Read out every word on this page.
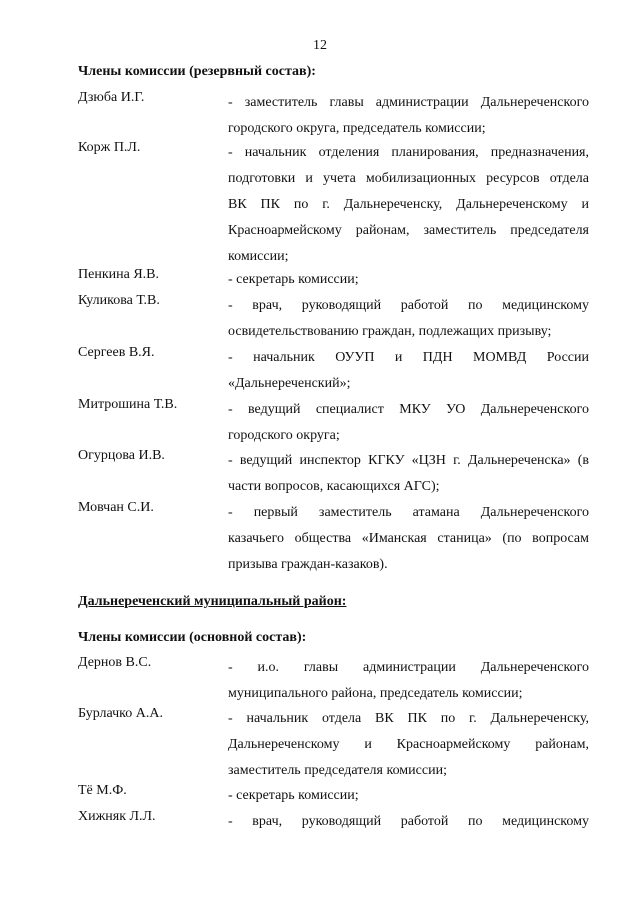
12
Члены комиссии (резервный состав):
Дзюба И.Г.	- заместитель главы администрации Дальнереченского
городского округа, председатель комиссии;
Корж П.Л.	- начальник отделения планирования, предназначения,
подготовки и учета мобилизационных ресурсов отдела
ВК ПК по г. Дальнереченску, Дальнереченскому и
Красноармейскому районам, заместитель председателя
комиссии;
Пенкина Я.В.	- секретарь комиссии;
Куликова Т.В.	- врач, руководящий работой по медицинскому
освидетельствованию граждан, подлежащих призыву;
Сергеев В.Я.	- начальник ОУУП и ПДН МОМВД России
«Дальнереченский»;
Митрошина Т.В.	- ведущий специалист МКУ УО Дальнереченского
городского округа;
Огурцова И.В.	- ведущий инспектор КГКУ «ЦЗН г. Дальнереченска» (в
части вопросов, касающихся АГС);
Мовчан С.И.	- первый заместитель атамана Дальнереченского
казачьего общества «Иманская станица» (по вопросам
призыва граждан-казаков).
Дальнереченский муниципальный район:
Члены комиссии (основной состав):
Дернов В.С.	- и.о. главы администрации Дальнереченского
муниципального района, председатель комиссии;
Бурлачко А.А.	- начальник отдела ВК ПК по г. Дальнереченску,
Дальнереченскому и Красноармейскому районам,
заместитель председателя комиссии;
Тё М.Ф.	- секретарь комиссии;
Хижняк Л.Л.	- врач, руководящий работой по медицинскому
